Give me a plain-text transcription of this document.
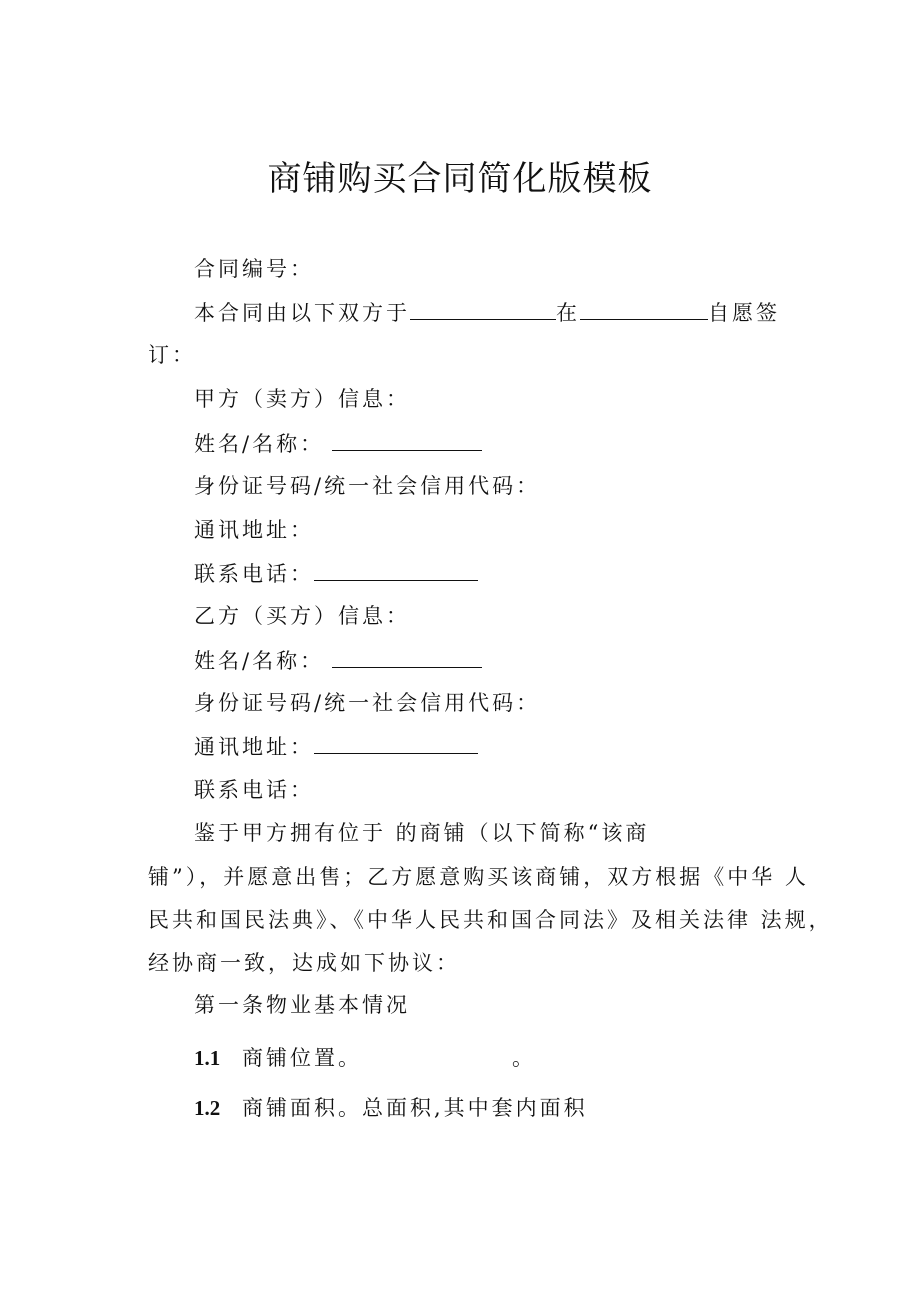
商铺购买合同简化版模板
合同编号：
本合同由以下双方于	在	自愿签
订：
甲方（卖方）信息：
姓名/名称：
身份证号码/统一社会信用代码：
通讯地址：
联系电话：
乙方（买方）信息：
姓名/名称：
身份证号码/统一社会信用代码：
通讯地址：
联系电话：
鉴于甲方拥有位于 的商铺（以下简称“该商
铺”），并愿意出售；乙方愿意购买该商铺，双方根据《中华 人
民共和国民法典》、《中华人民共和国合同法》及相关法律 法规，
经协商一致，达成如下协议：
第一条物业基本情况
1.1 商铺位置。	。
1.2 商铺面积。总面积,其中套内面积
